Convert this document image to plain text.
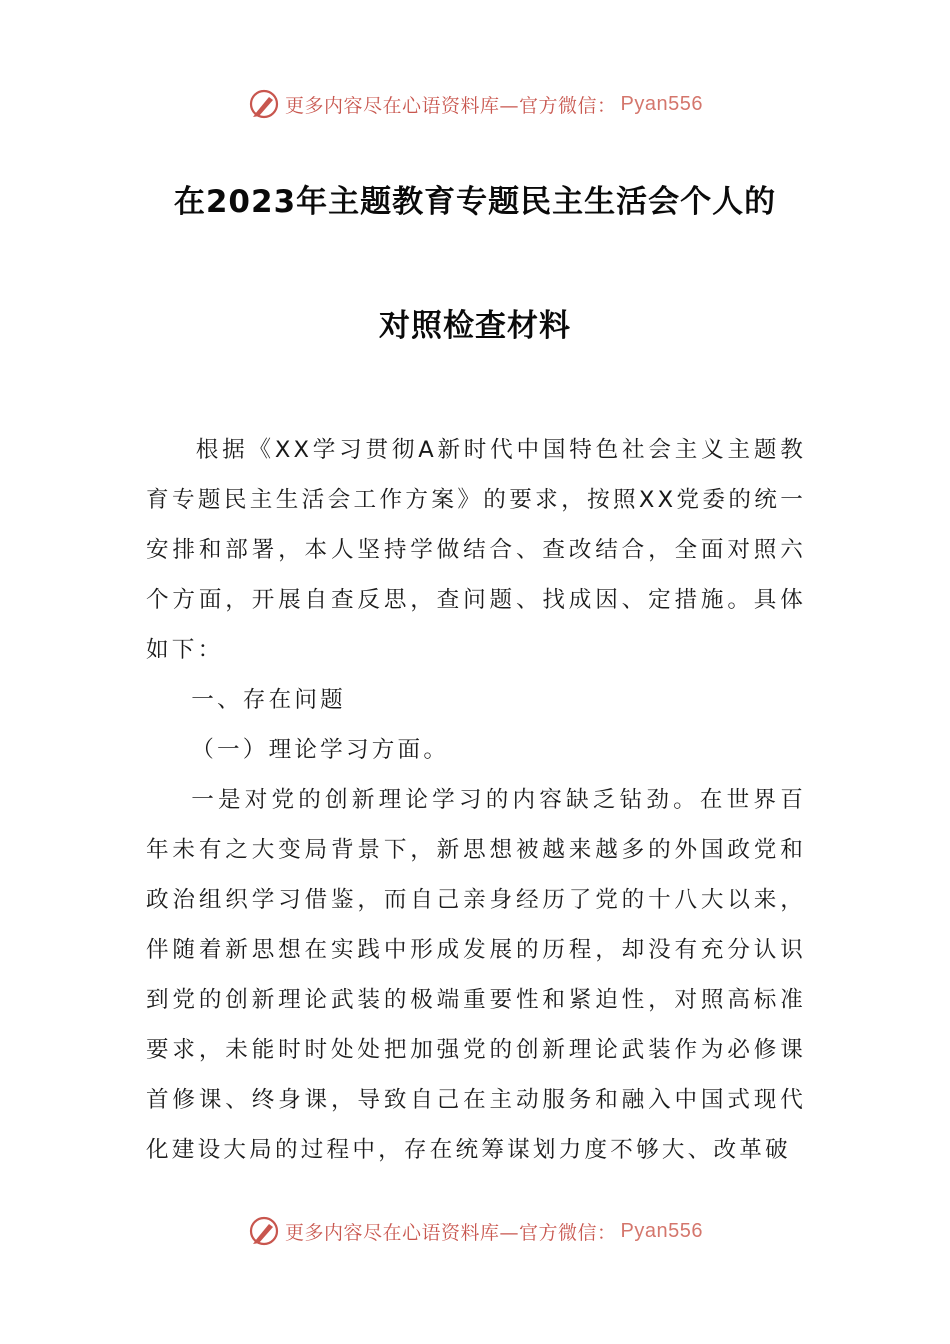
更多内容尽在心语资料库—官方微信： Pyan556
在2023年主题教育专题民主生活会个人的
对照检查材料

根据《XX学习贯彻A新时代中国特色社会主义主题教育专题民主生活会工作方案》的要求，按照XX党委的统一安排和部署，本人坚持学做结合、查改结合，全面对照六个方面，开展自查反思，查问题、找成因、定措施。具体如下：

一、存在问题

（一）理论学习方面。

一是对党的创新理论学习的内容缺乏钻劲。在世界百年未有之大变局背景下，新思想被越来越多的外国政党和政治组织学习借鉴，而自己亲身经历了党的十八大以来，伴随着新思想在实践中形成发展的历程，却没有充分认识到党的创新理论武装的极端重要性和紧迫性，对照高标准要求，未能时时处处把加强党的创新理论武装作为必修课首修课、终身课，导致自己在主动服务和融入中国式现代化建设大局的过程中，存在统筹谋划力度不够大、改革破

更多内容尽在心语资料库—官方微信： Pyan556
